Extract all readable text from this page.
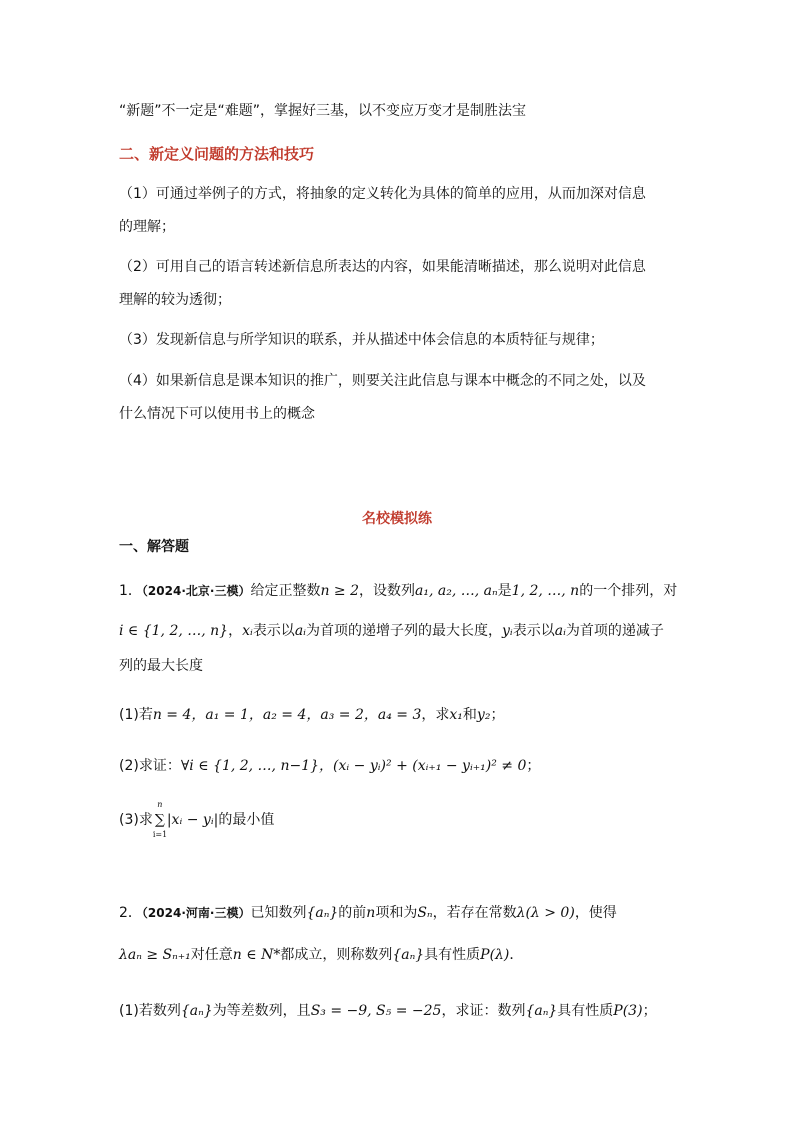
“新题”不一定是“难题”，掌握好三基，以不变应万变才是制胜法宝
二、新定义问题的方法和技巧
（1）可通过举例子的方式，将抽象的定义转化为具体的简单的应用，从而加深对信息
的理解；
（2）可用自己的语言转述新信息所表达的内容，如果能清晰描述，那么说明对此信息
理解的较为透彻；
（3）发现新信息与所学知识的联系，并从描述中体会信息的本质特征与规律；
（4）如果新信息是课本知识的推广，则要关注此信息与课本中概念的不同之处，以及
什么情况下可以使用书上的概念
名校模拟练
一、解答题
1．（2024·北京·三模）给定正整数n ≥ 2，设数列a₁, a₂, …, aₙ是1, 2, …, n的一个排列，对
i ∈ {1, 2, …, n}，xᵢ表示以aᵢ为首项的递增子列的最大长度，yᵢ表示以aᵢ为首项的递减子
列的最大长度
(1)若n = 4，a₁ = 1，a₂ = 4，a₃ = 2，a₄ = 3，求x₁和y₂；
(2)求证：∀i ∈ {1, 2, …, n−1}，(xᵢ − yᵢ)² + (xᵢ₊₁ − yᵢ₊₁)² ≠ 0；
(3)求 ∑
n
i=1
|xᵢ − yᵢ|的最小值
2．（2024·河南·三模）已知数列{aₙ}的前n项和为Sₙ，若存在常数λ(λ > 0)，使得
λaₙ ≥ Sₙ₊₁对任意n ∈ N*都成立，则称数列{aₙ}具有性质P(λ)．
(1)若数列{aₙ}为等差数列，且S₃ = −9, S₅ = −25，求证：数列{aₙ}具有性质P(3)；
